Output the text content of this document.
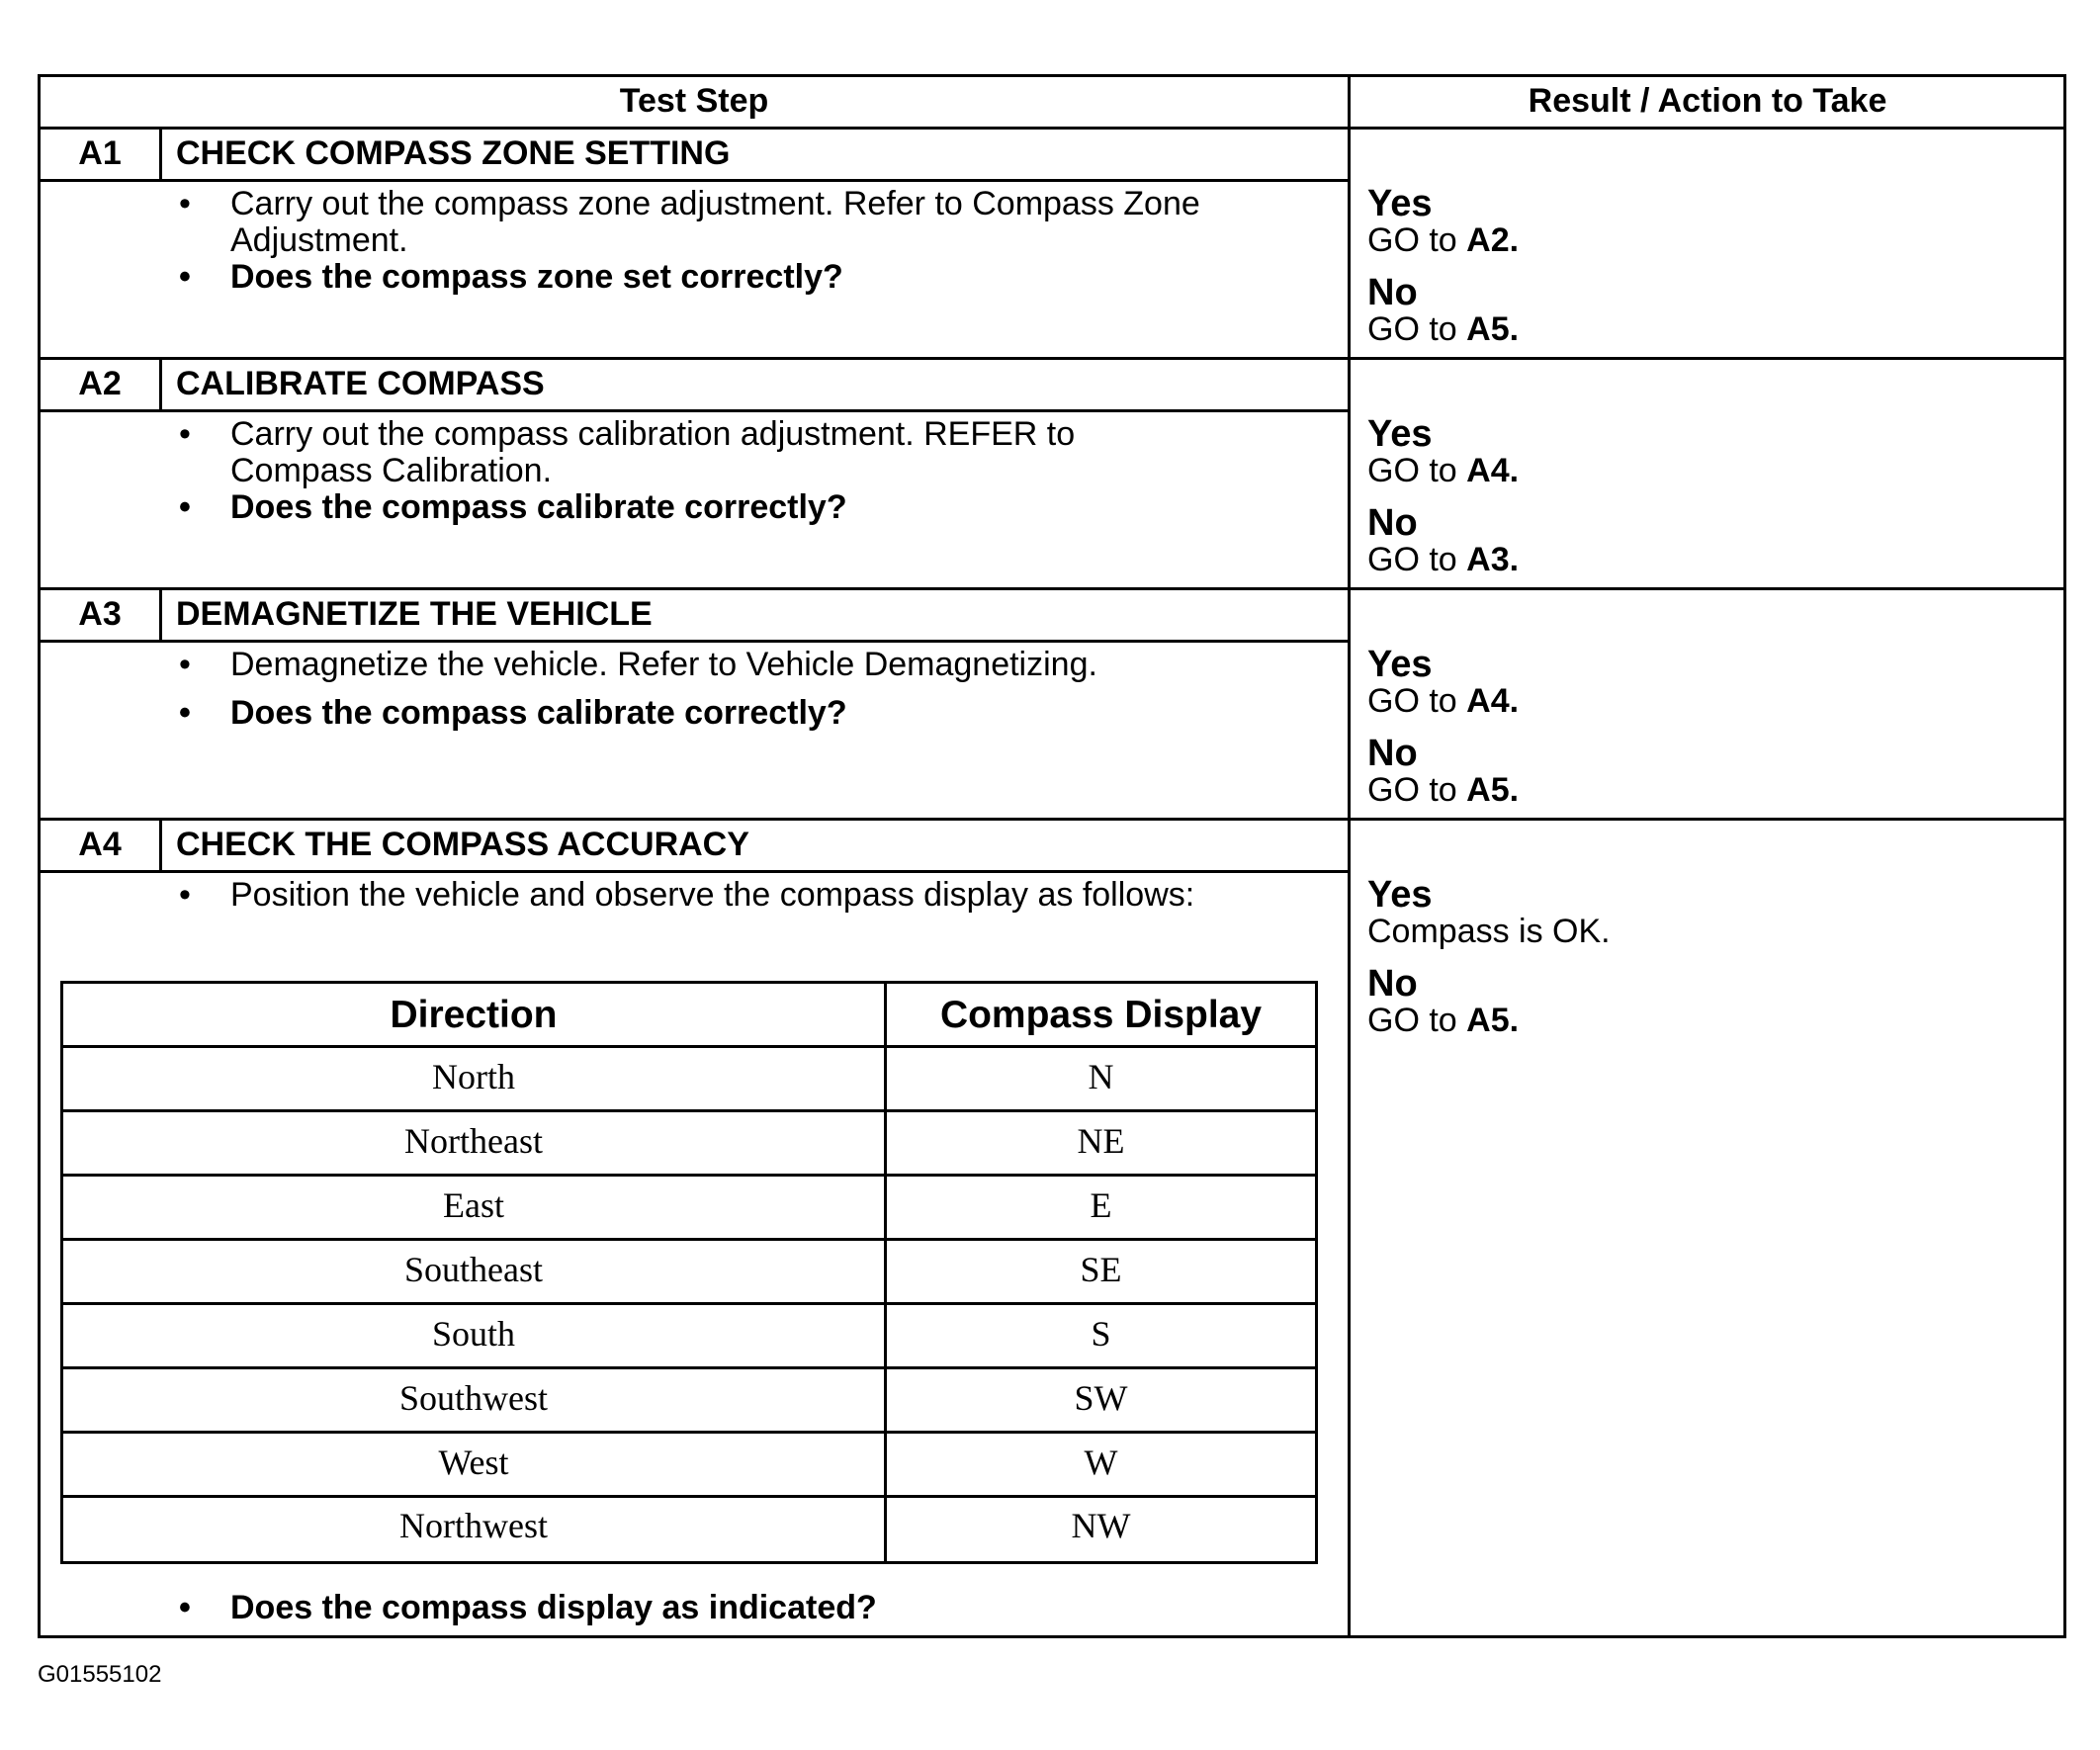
Test Step	Result / Action to Take
A1	CHECK COMPASS ZONE SETTING
• Carry out the compass zone adjustment. Refer to Compass Zone Adjustment.
• Does the compass zone set correctly?
Yes
GO to A2.
No
GO to A5.
A2	CALIBRATE COMPASS
• Carry out the compass calibration adjustment. REFER to Compass Calibration.
• Does the compass calibrate correctly?
Yes
GO to A4.
No
GO to A3.
A3	DEMAGNETIZE THE VEHICLE
• Demagnetize the vehicle. Refer to Vehicle Demagnetizing.
• Does the compass calibrate correctly?
Yes
GO to A4.
No
GO to A5.
A4	CHECK THE COMPASS ACCURACY
• Position the vehicle and observe the compass display as follows:
Direction	Compass Display
North	N
Northeast	NE
East	E
Southeast	SE
South	S
Southwest	SW
West	W
Northwest	NW
• Does the compass display as indicated?
Yes
Compass is OK.
No
GO to A5.
G01555102
